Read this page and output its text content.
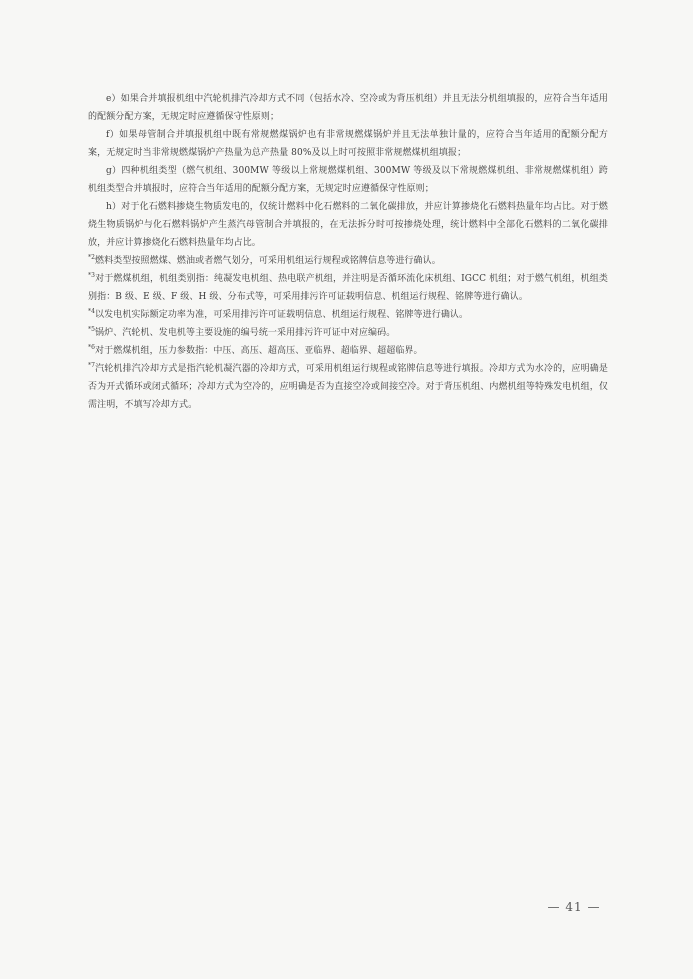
e）如果合并填报机组中汽轮机排汽冷却方式不同（包括水冷、空冷或为背压机组）并且无法分机组填报的，应符合当年适用的配额分配方案，无规定时应遵循保守性原则；

f）如果母管制合并填报机组中既有常规燃煤锅炉也有非常规燃煤锅炉并且无法单独计量的，应符合当年适用的配额分配方案，无规定时当非常规燃煤锅炉产热量为总产热量 80%及以上时可按照非常规燃煤机组填报；

g）四种机组类型（燃气机组、300MW 等级以上常规燃煤机组、300MW 等级及以下常规燃煤机组、非常规燃煤机组）跨机组类型合并填报时，应符合当年适用的配额分配方案，无规定时应遵循保守性原则；

h）对于化石燃料掺烧生物质发电的，仅统计燃料中化石燃料的二氧化碳排放，并应计算掺烧化石燃料热量年均占比。对于燃烧生物质锅炉与化石燃料锅炉产生蒸汽母管制合并填报的，在无法拆分时可按掺烧处理，统计燃料中全部化石燃料的二氧化碳排放，并应计算掺烧化石燃料热量年均占比。

$^{*2}$燃料类型按照燃煤、燃油或者燃气划分，可采用机组运行规程或铭牌信息等进行确认。

$^{*3}$对于燃煤机组，机组类别指：纯凝发电机组、热电联产机组，并注明是否循环流化床机组、IGCC 机组；对于燃气机组，机组类别指：B 级、E 级、F 级、H 级、分布式等，可采用排污许可证载明信息、机组运行规程、铭牌等进行确认。

$^{*4}$以发电机实际额定功率为准，可采用排污许可证载明信息、机组运行规程、铭牌等进行确认。

$^{*5}$锅炉、汽轮机、发电机等主要设施的编号统一采用排污许可证中对应编码。

$^{*6}$对于燃煤机组，压力参数指：中压、高压、超高压、亚临界、超临界、超超临界。

$^{*7}$汽轮机排汽冷却方式是指汽轮机凝汽器的冷却方式，可采用机组运行规程或铭牌信息等进行填报。冷却方式为水冷的，应明确是否为开式循环或闭式循环；冷却方式为空冷的，应明确是否为直接空冷或间接空冷。对于背压机组、内燃机组等特殊发电机组，仅需注明，不填写冷却方式。

— 41 —
